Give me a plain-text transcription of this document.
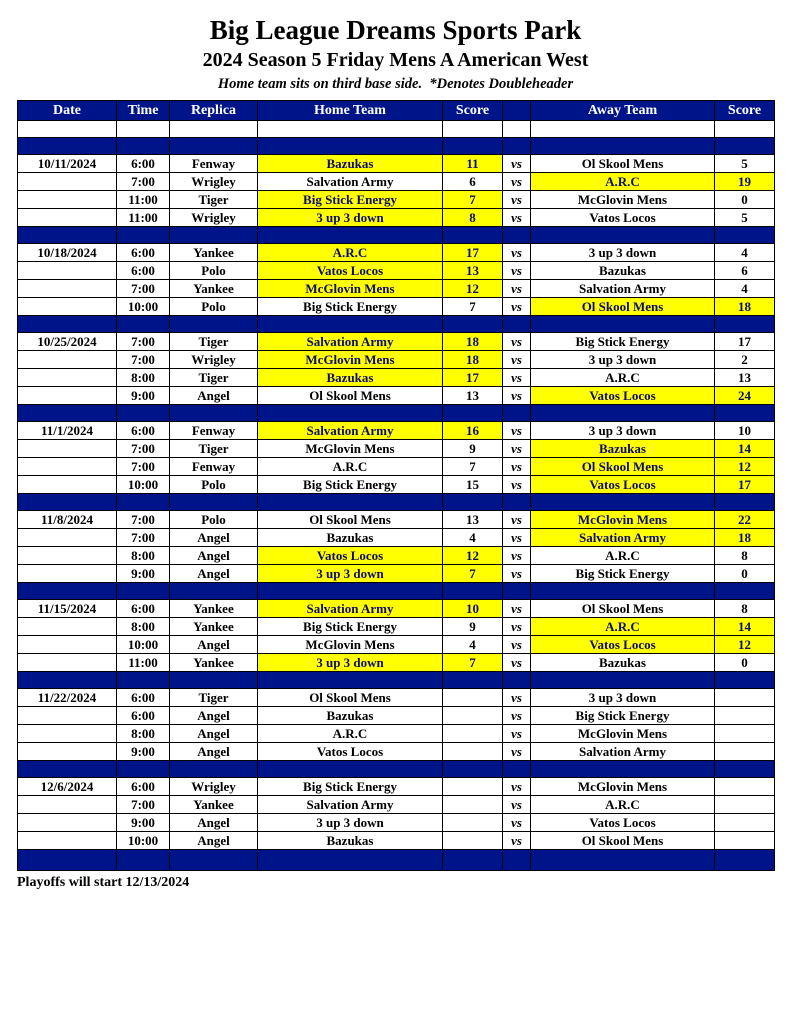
Big League Dreams Sports Park
2024 Season 5 Friday Mens A American West
Home team sits on third base side.  *Denotes Doubleheader
Date	Time	Replica	Home Team	Score		Away Team	Score

10/11/2024	6:00	Fenway	Bazukas	11	vs	Ol Skool Mens	5
	7:00	Wrigley	Salvation Army	6	vs	A.R.C	19
	11:00	Tiger	Big Stick Energy	7	vs	McGlovin Mens	0
	11:00	Wrigley	3 up 3 down	8	vs	Vatos Locos	5

10/18/2024	6:00	Yankee	A.R.C	17	vs	3 up 3 down	4
	6:00	Polo	Vatos Locos	13	vs	Bazukas	6
	7:00	Yankee	McGlovin Mens	12	vs	Salvation Army	4
	10:00	Polo	Big Stick Energy	7	vs	Ol Skool Mens	18

10/25/2024	7:00	Tiger	Salvation Army	18	vs	Big Stick Energy	17
	7:00	Wrigley	McGlovin Mens	18	vs	3 up 3 down	2
	8:00	Tiger	Bazukas	17	vs	A.R.C	13
	9:00	Angel	Ol Skool Mens	13	vs	Vatos Locos	24

11/1/2024	6:00	Fenway	Salvation Army	16	vs	3 up 3 down	10
	7:00	Tiger	McGlovin Mens	9	vs	Bazukas	14
	7:00	Fenway	A.R.C	7	vs	Ol Skool Mens	12
	10:00	Polo	Big Stick Energy	15	vs	Vatos Locos	17

11/8/2024	7:00	Polo	Ol Skool Mens	13	vs	McGlovin Mens	22
	7:00	Angel	Bazukas	4	vs	Salvation Army	18
	8:00	Angel	Vatos Locos	12	vs	A.R.C	8
	9:00	Angel	3 up 3 down	7	vs	Big Stick Energy	0

11/15/2024	6:00	Yankee	Salvation Army	10	vs	Ol Skool Mens	8
	8:00	Yankee	Big Stick Energy	9	vs	A.R.C	14
	10:00	Angel	McGlovin Mens	4	vs	Vatos Locos	12
	11:00	Yankee	3 up 3 down	7	vs	Bazukas	0

11/22/2024	6:00	Tiger	Ol Skool Mens		vs	3 up 3 down	
	6:00	Angel	Bazukas		vs	Big Stick Energy	
	8:00	Angel	A.R.C		vs	McGlovin Mens	
	9:00	Angel	Vatos Locos		vs	Salvation Army	

12/6/2024	6:00	Wrigley	Big Stick Energy		vs	McGlovin Mens	
	7:00	Yankee	Salvation Army		vs	A.R.C	
	9:00	Angel	3 up 3 down		vs	Vatos Locos	
	10:00	Angel	Bazukas		vs	Ol Skool Mens	

Playoffs will start 12/13/2024
